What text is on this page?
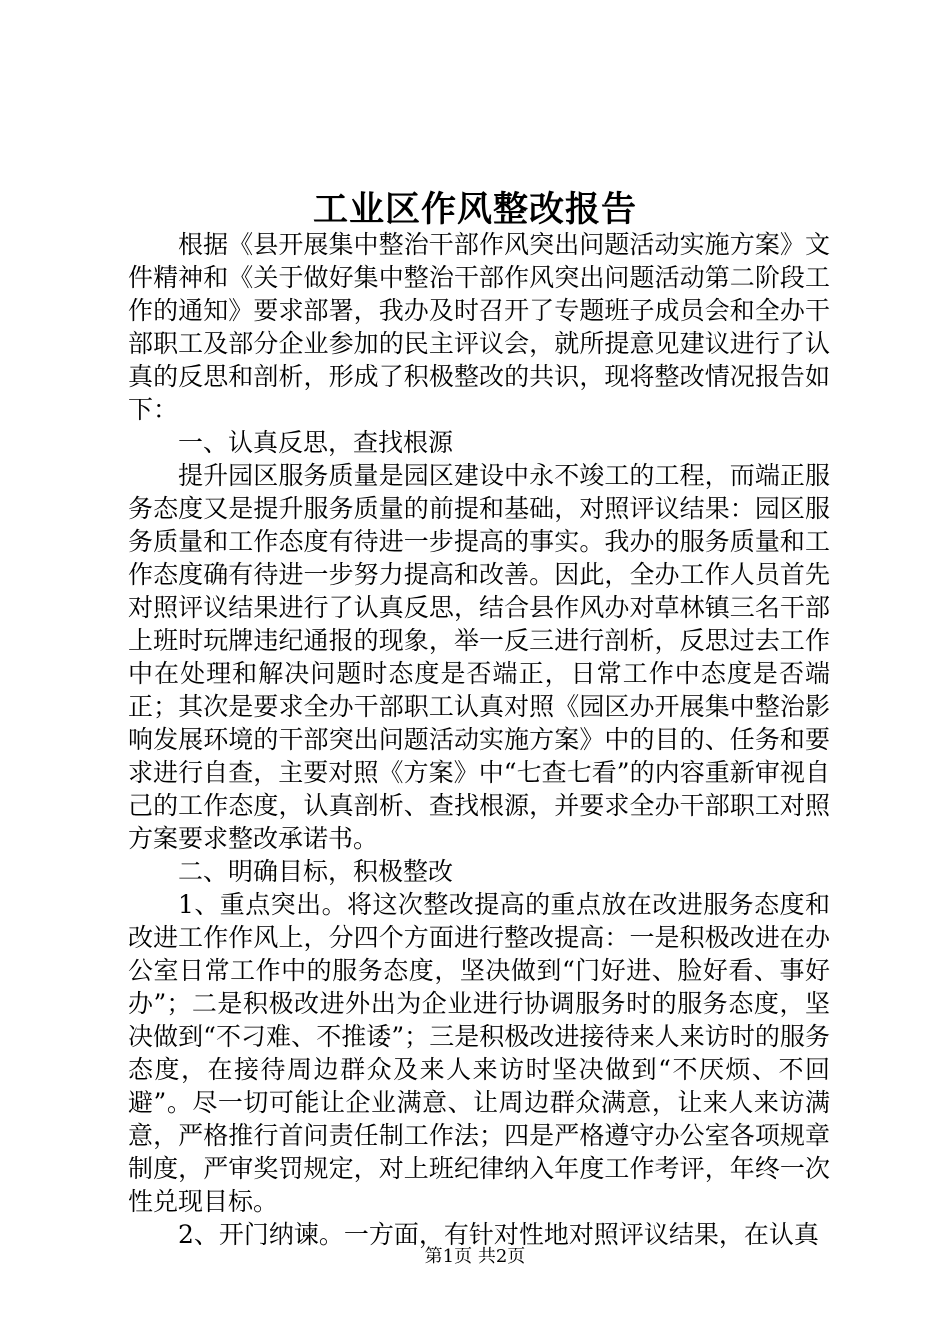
工业区作风整改报告

根据《县开展集中整治干部作风突出问题活动实施方案》文件精神和《关于做好集中整治干部作风突出问题活动第二阶段工作的通知》要求部署，我办及时召开了专题班子成员会和全办干部职工及部分企业参加的民主评议会，就所提意见建议进行了认真的反思和剖析，形成了积极整改的共识，现将整改情况报告如下：

一、认真反思，查找根源

提升园区服务质量是园区建设中永不竣工的工程，而端正服务态度又是提升服务质量的前提和基础，对照评议结果：园区服务质量和工作态度有待进一步提高的事实。我办的服务质量和工作态度确有待进一步努力提高和改善。因此，全办工作人员首先对照评议结果进行了认真反思，结合县作风办对草林镇三名干部上班时玩牌违纪通报的现象，举一反三进行剖析，反思过去工作中在处理和解决问题时态度是否端正，日常工作中态度是否端正；其次是要求全办干部职工认真对照《园区办开展集中整治影响发展环境的干部突出问题活动实施方案》中的目的、任务和要求进行自查，主要对照《方案》中“七查七看”的内容重新审视自己的工作态度，认真剖析、查找根源，并要求全办干部职工对照方案要求整改承诺书。

二、明确目标，积极整改

1、重点突出。将这次整改提高的重点放在改进服务态度和改进工作作风上，分四个方面进行整改提高：一是积极改进在办公室日常工作中的服务态度，坚决做到“门好进、脸好看、事好办”；二是积极改进外出为企业进行协调服务时的服务态度，坚决做到“不刁难、不推诿”；三是积极改进接待来人来访时的服务态度，在接待周边群众及来人来访时坚决做到“不厌烦、不回避”。尽一切可能让企业满意、让周边群众满意，让来人来访满意，严格推行首问责任制工作法；四是严格遵守办公室各项规章制度，严审奖罚规定，对上班纪律纳入年度工作考评，年终一次性兑现目标。

2、开门纳谏。一方面，有针对性地对照评议结果，在认真

第1页 共2页
